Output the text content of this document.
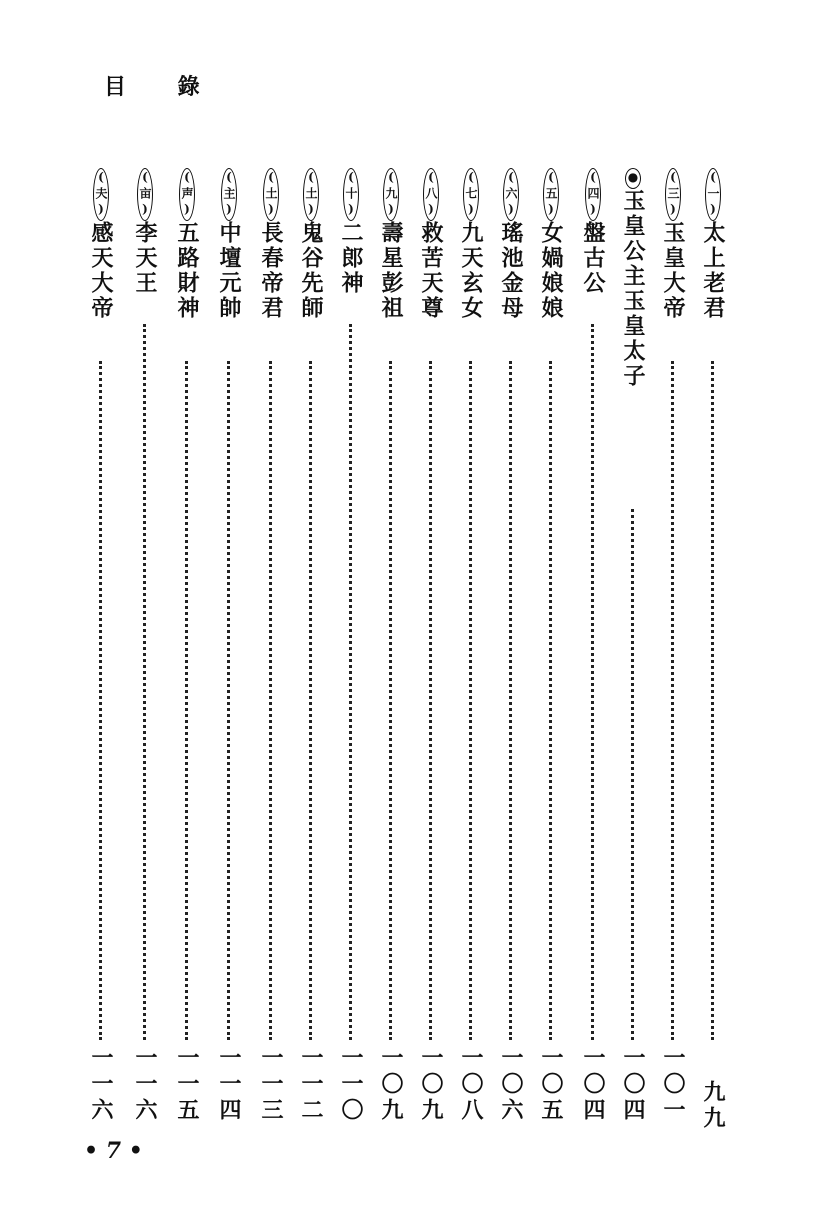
目 錄
(一)太上老君
九九
(三)玉皇大帝
一〇一
●玉皇公主玉皇太子
一〇四
(四)盤古公
一〇四
(五)女媧娘娘
一〇五
(六)瑤池金母
一〇六
(七)九天玄女
一〇八
(八)救苦天尊
一〇九
(九)壽星彭祖
一〇九
(十)二郎神
一一〇
(土)鬼谷先師
一一二
(土)長春帝君
一一三
(主)中壇元帥
一一四
(声)五路財神
一一五
(亩)李天王
一一六
(夫)感天大帝
一一六
• 7 •
